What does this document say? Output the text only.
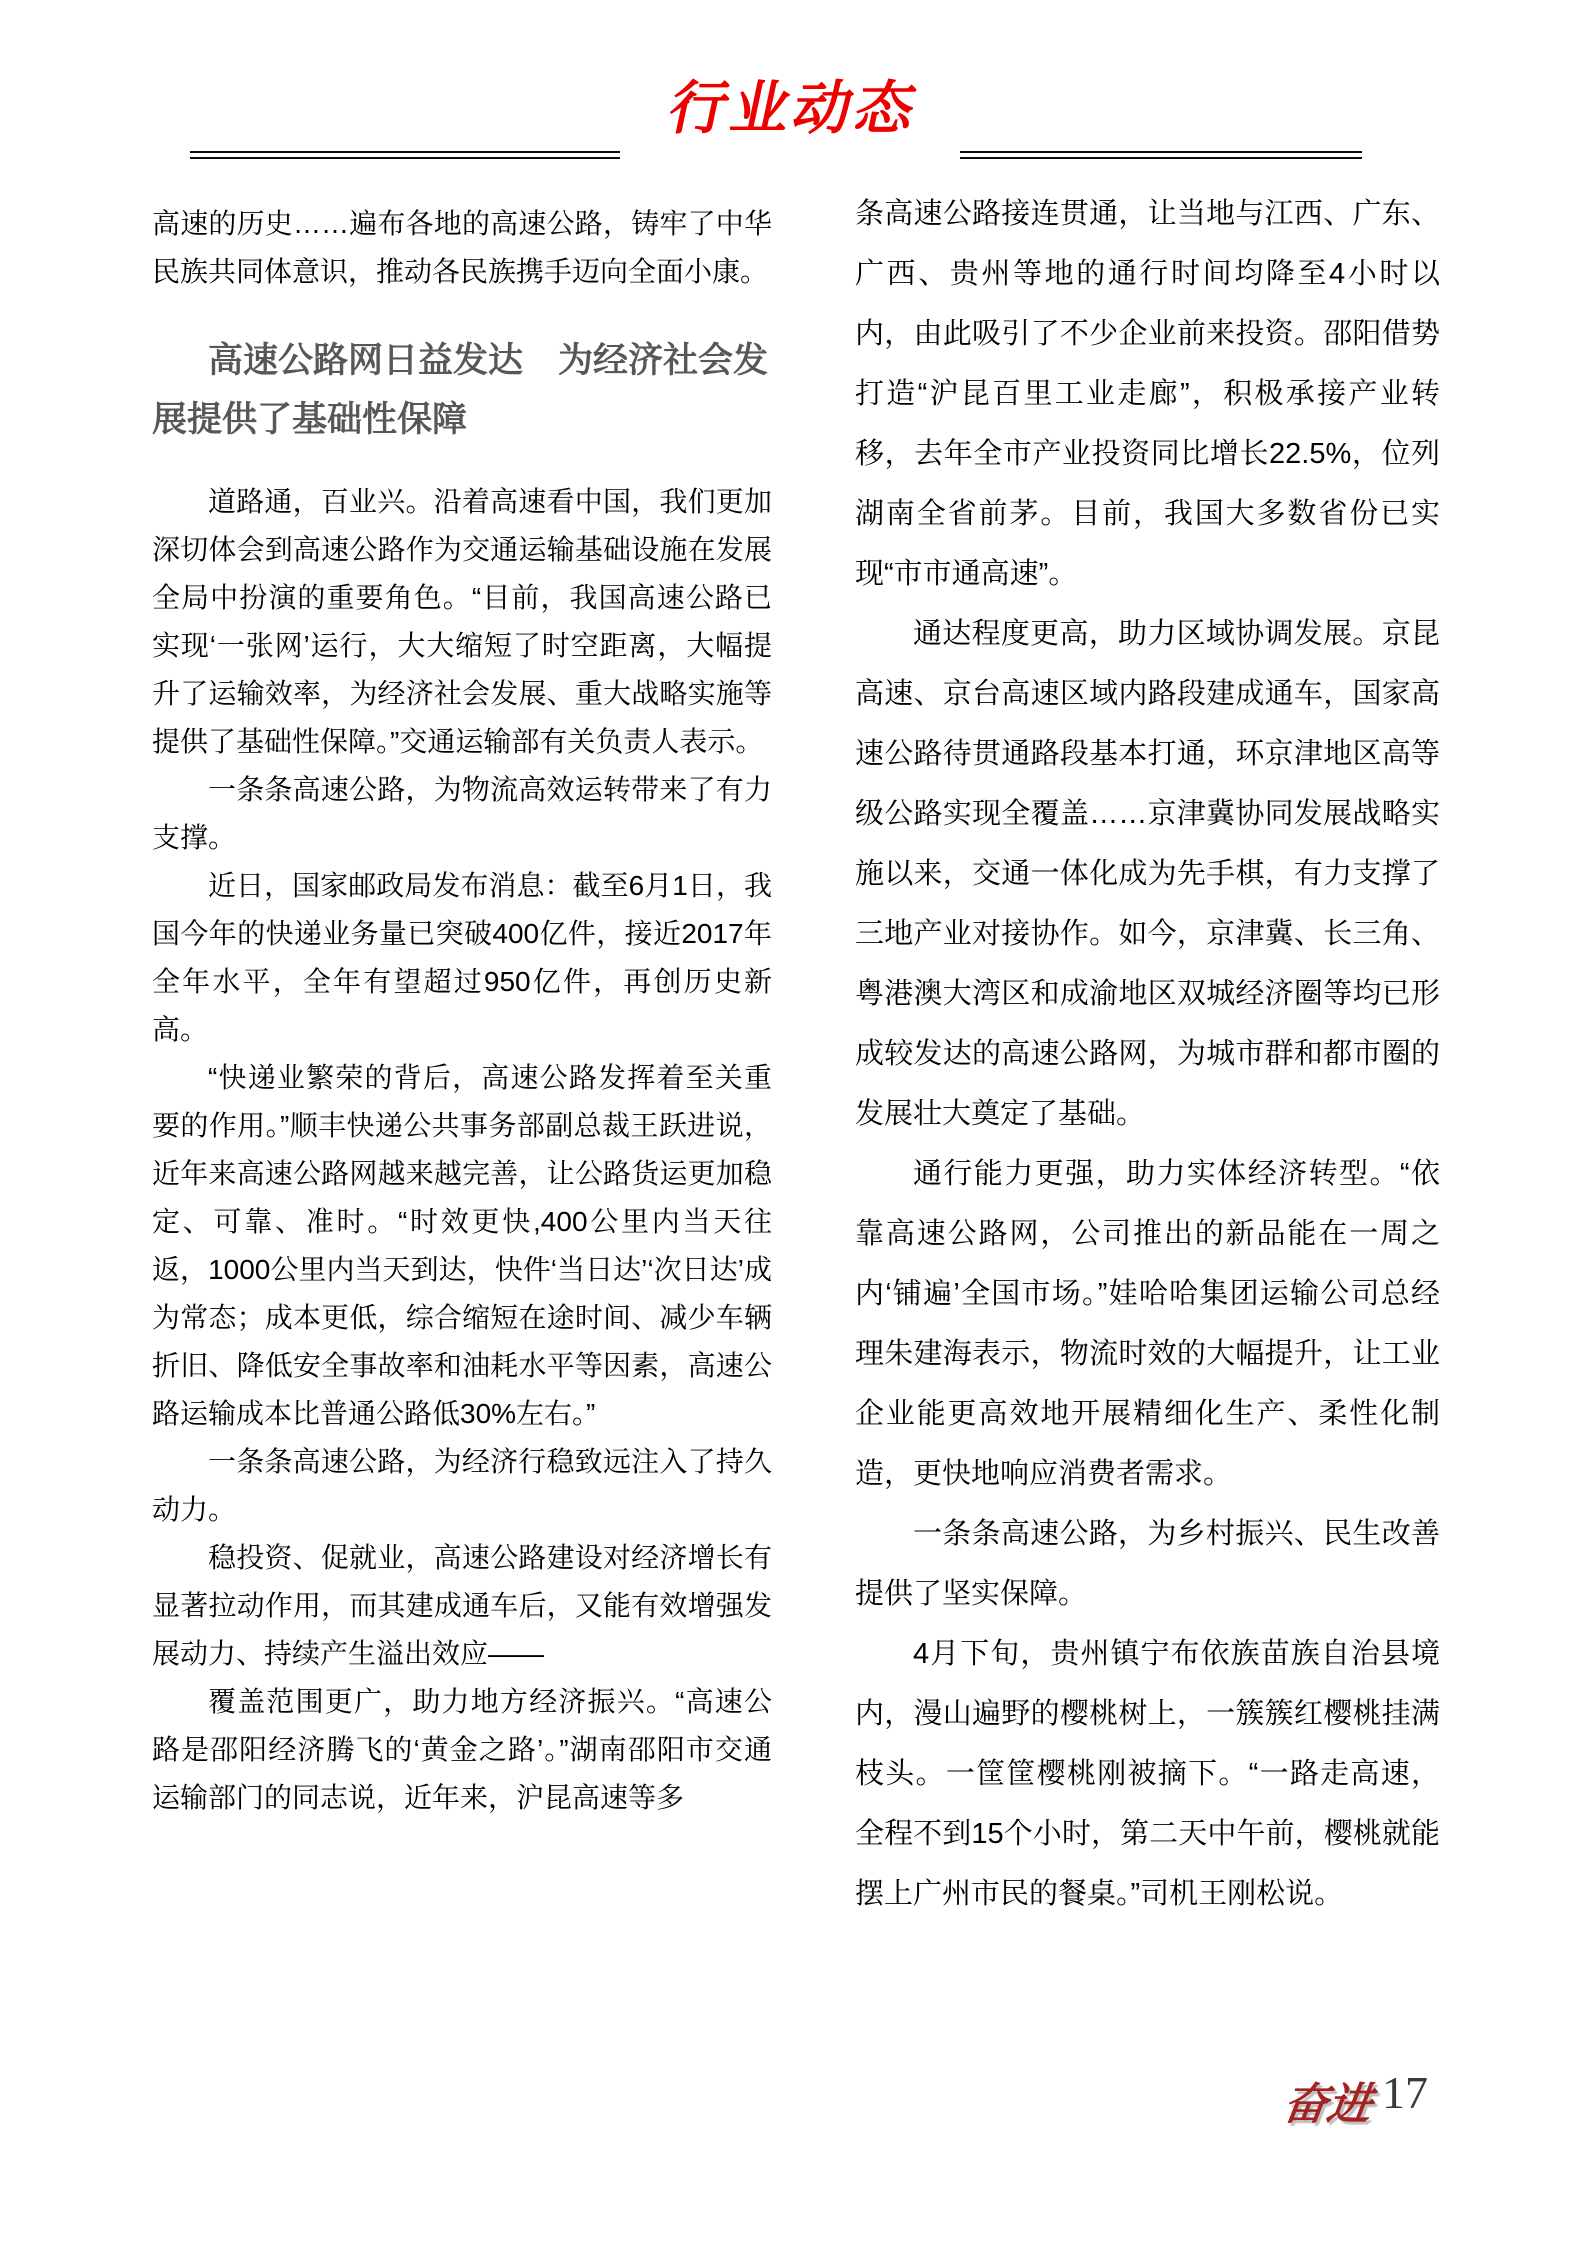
行业动态

高速的历史……遍布各地的高速公路，铸牢了中华民族共同体意识，推动各民族携手迈向全面小康。

高速公路网日益发达　为经济社会发展提供了基础性保障

道路通，百业兴。沿着高速看中国，我们更加深切体会到高速公路作为交通运输基础设施在发展全局中扮演的重要角色。“目前，我国高速公路已实现‘一张网’运行，大大缩短了时空距离，大幅提升了运输效率，为经济社会发展、重大战略实施等提供了基础性保障。”交通运输部有关负责人表示。

一条条高速公路，为物流高效运转带来了有力支撑。

近日，国家邮政局发布消息：截至6月1日，我国今年的快递业务量已突破400亿件，接近2017年全年水平，全年有望超过950亿件，再创历史新高。

“快递业繁荣的背后，高速公路发挥着至关重要的作用。”顺丰快递公共事务部副总裁王跃进说，近年来高速公路网越来越完善，让公路货运更加稳定、可靠、准时。“时效更快,400公里内当天往返，1000公里内当天到达，快件‘当日达’‘次日达’成为常态；成本更低，综合缩短在途时间、减少车辆折旧、降低安全事故率和油耗水平等因素，高速公路运输成本比普通公路低30%左右。”

一条条高速公路，为经济行稳致远注入了持久动力。

稳投资、促就业，高速公路建设对经济增长有显著拉动作用，而其建成通车后，又能有效增强发展动力、持续产生溢出效应——

覆盖范围更广，助力地方经济振兴。“高速公路是邵阳经济腾飞的‘黄金之路’。”湖南邵阳市交通运输部门的同志说，近年来，沪昆高速等多

条高速公路接连贯通，让当地与江西、广东、广西、贵州等地的通行时间均降至4小时以内，由此吸引了不少企业前来投资。邵阳借势打造“沪昆百里工业走廊”，积极承接产业转移，去年全市产业投资同比增长22.5%，位列湖南全省前茅。目前，我国大多数省份已实现“市市通高速”。

通达程度更高，助力区域协调发展。京昆高速、京台高速区域内路段建成通车，国家高速公路待贯通路段基本打通，环京津地区高等级公路实现全覆盖……京津冀协同发展战略实施以来，交通一体化成为先手棋，有力支撑了三地产业对接协作。如今，京津冀、长三角、粤港澳大湾区和成渝地区双城经济圈等均已形成较发达的高速公路网，为城市群和都市圈的发展壮大奠定了基础。

通行能力更强，助力实体经济转型。“依靠高速公路网，公司推出的新品能在一周之内‘铺遍’全国市场。”娃哈哈集团运输公司总经理朱建海表示，物流时效的大幅提升，让工业企业能更高效地开展精细化生产、柔性化制造，更快地响应消费者需求。

一条条高速公路，为乡村振兴、民生改善提供了坚实保障。

4月下旬，贵州镇宁布依族苗族自治县境内，漫山遍野的樱桃树上，一簇簇红樱桃挂满枝头。一筐筐樱桃刚被摘下。“一路走高速，全程不到15个小时，第二天中午前，樱桃就能摆上广州市民的餐桌。”司机王刚松说。

奋进 17
